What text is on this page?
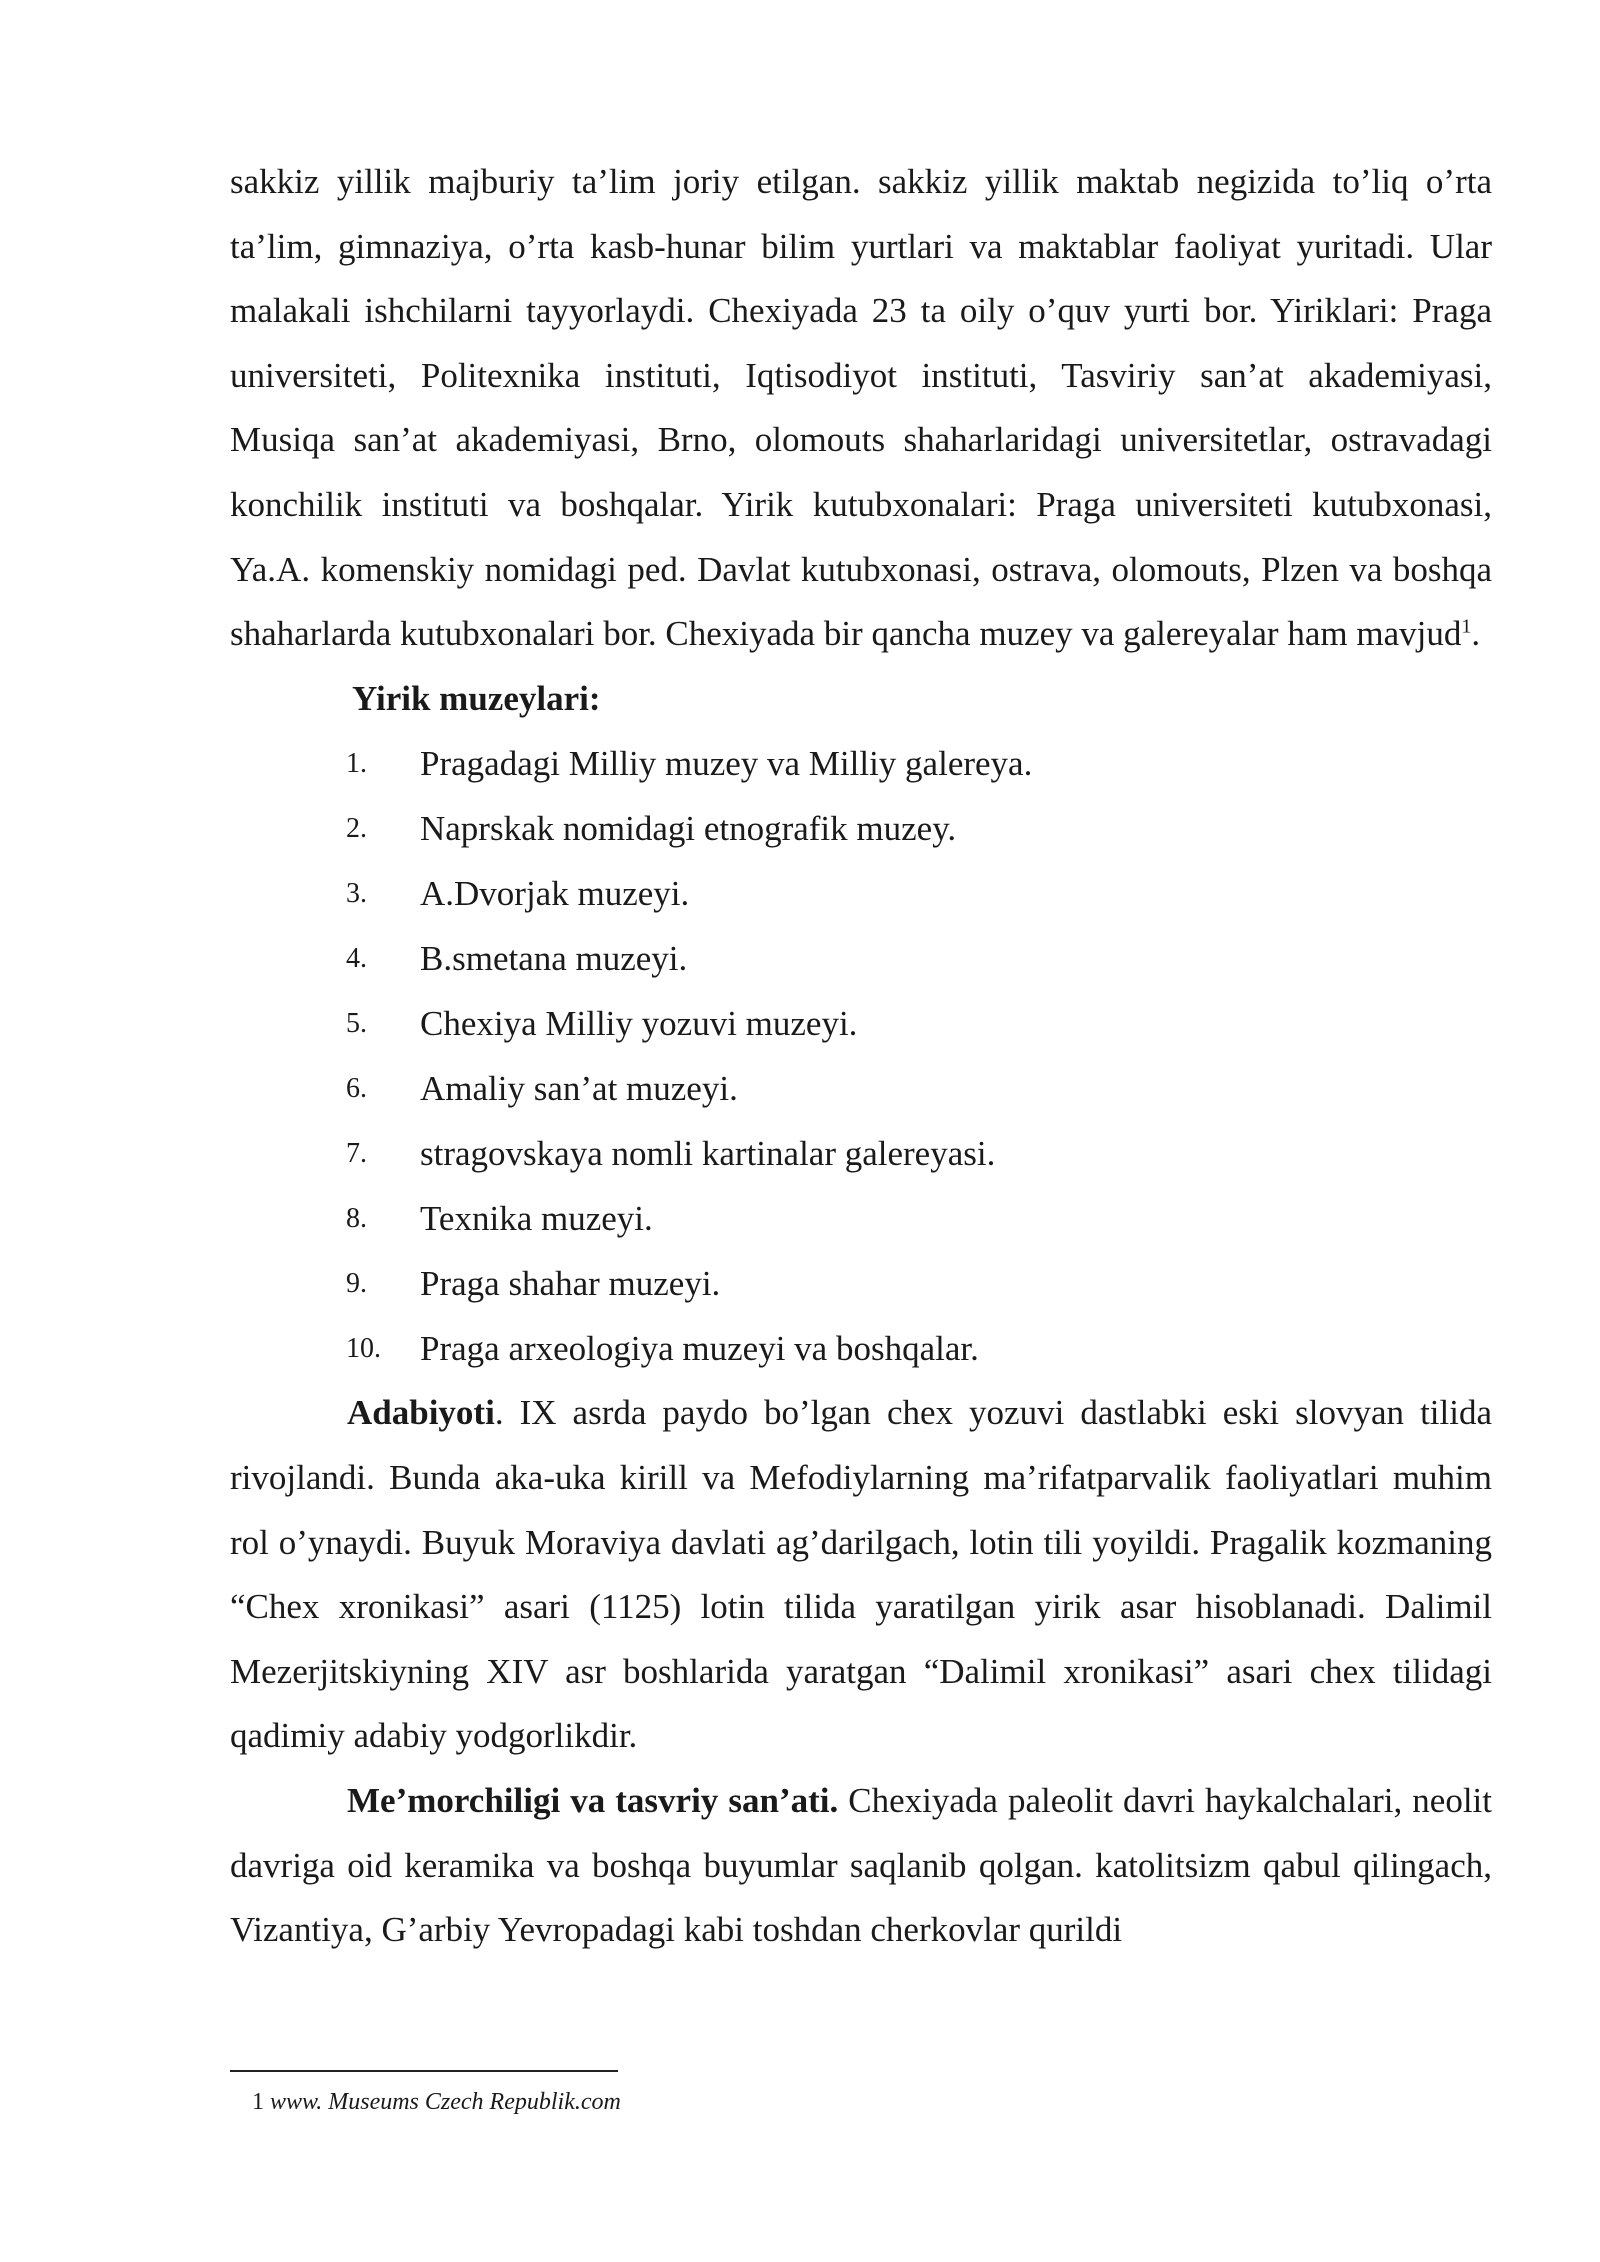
sakkiz yillik majburiy ta’lim joriy etilgan. sakkiz yillik maktab negizida to’liq o’rta ta’lim, gimnaziya, o’rta kasb-hunar bilim yurtlari va maktablar faoliyat yuritadi. Ular malakali ishchilarni tayyorlaydi. Chexiyada 23 ta oily o’quv yurti bor. Yiriklari: Praga universiteti, Politexnika instituti, Iqtisodiyot instituti, Tasviriy san’at akademiyasi, Musiqa san’at akademiyasi, Brno, olomouts shaharlaridagi universitetlar, ostravadagi konchilik instituti va boshqalar. Yirik kutubxonalari: Praga universiteti kutubxonasi, Ya.A. komenskiy nomidagi ped. Davlat kutubxonasi, ostrava, olomouts, Plzen va boshqa shaharlarda kutubxonalari bor. Chexiyada bir qancha muzey va galereyalar ham mavjud$^1$.

Yirik muzeylari:

1.	Pragadagi Milliy muzey va Milliy galereya.
2.	Naprskak nomidagi etnografik muzey.
3.	A.Dvorjak muzeyi.
4.	B.smetana muzeyi.
5.	Chexiya Milliy yozuvi muzeyi.
6.	Amaliy san’at muzeyi.
7.	stragovskaya nomli kartinalar galereyasi.
8.	Texnika muzeyi.
9.	Praga shahar muzeyi.
10.	Praga arxeologiya muzeyi va boshqalar.

Adabiyoti. IX asrda paydo bo’lgan chex yozuvi dastlabki eski slovyan tilida rivojlandi. Bunda aka-uka kirill va Mefodiylarning ma’rifatparvalik faoliyatlari muhim rol o’ynaydi. Buyuk Moraviya davlati ag’darilgach, lotin tili yoyildi. Pragalik kozmaning “Chex xronikasi” asari (1125) lotin tilida yaratilgan yirik asar hisoblanadi. Dalimil Mezerjitskiyning XIV asr boshlarida yaratgan “Dalimil xronikasi” asari chex tilidagi qadimiy adabiy yodgorlikdir.

Me’morchiligi va tasvriy san’ati. Chexiyada paleolit davri haykalchalari, neolit davriga oid keramika va boshqa buyumlar saqlanib qolgan. katolitsizm qabul qilingach, Vizantiya, G’arbiy Yevropadagi kabi toshdan cherkovlar qurildi

1 www. Museums Czech Republik.com
